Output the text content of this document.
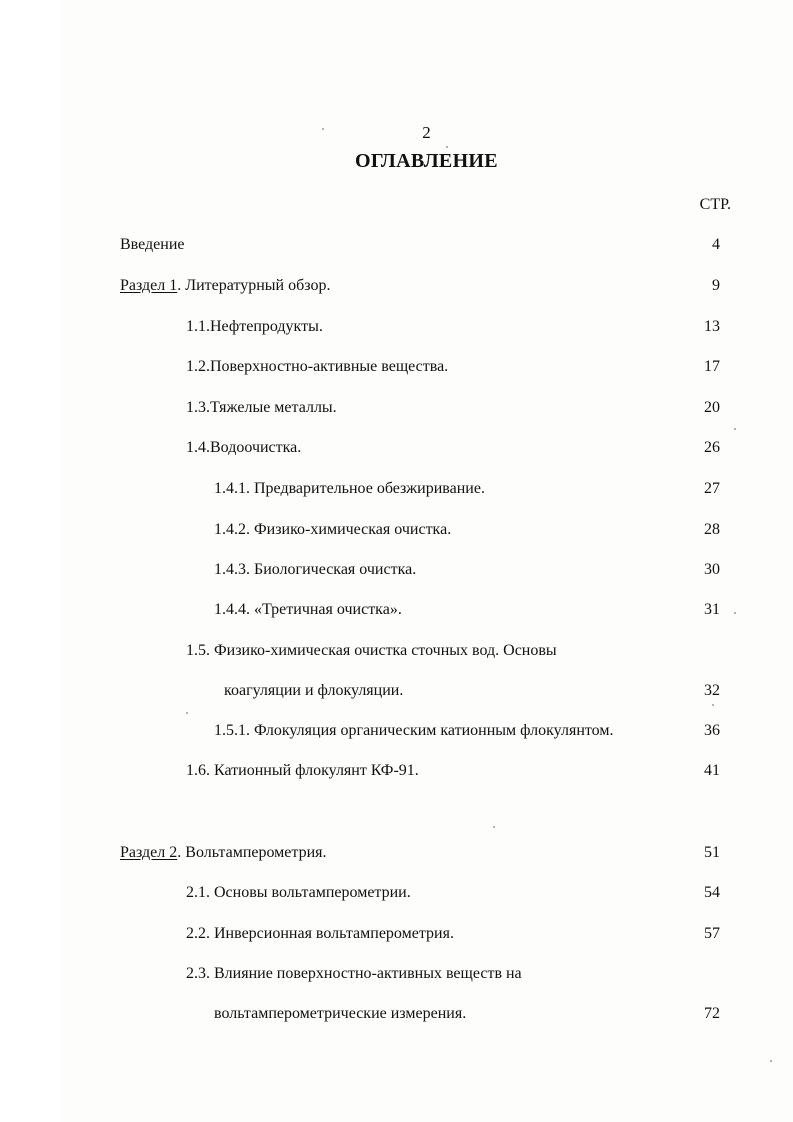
2
ОГЛАВЛЕНИЕ
СТР.
Введение	4
Раздел 1. Литературный обзор.	9
1.1.Нефтепродукты.	13
1.2.Поверхностно-активные вещества.	17
1.3.Тяжелые металлы.	20
1.4.Водоочистка.	26
1.4.1. Предварительное обезжиривание.	27
1.4.2. Физико-химическая очистка.	28
1.4.3. Биологическая очистка.	30
1.4.4. «Третичная очистка».	31
1.5. Физико-химическая очистка сточных вод. Основы
коагуляции и флокуляции.	32
1.5.1. Флокуляция органическим катионным флокулянтом.	36
1.6. Катионный флокулянт КФ-91.	41
Раздел 2. Вольтамперометрия.	51
2.1. Основы вольтамперометрии.	54
2.2. Инверсионная вольтамперометрия.	57
2.3. Влияние поверхностно-активных веществ на
вольтамперометрические измерения.	72
